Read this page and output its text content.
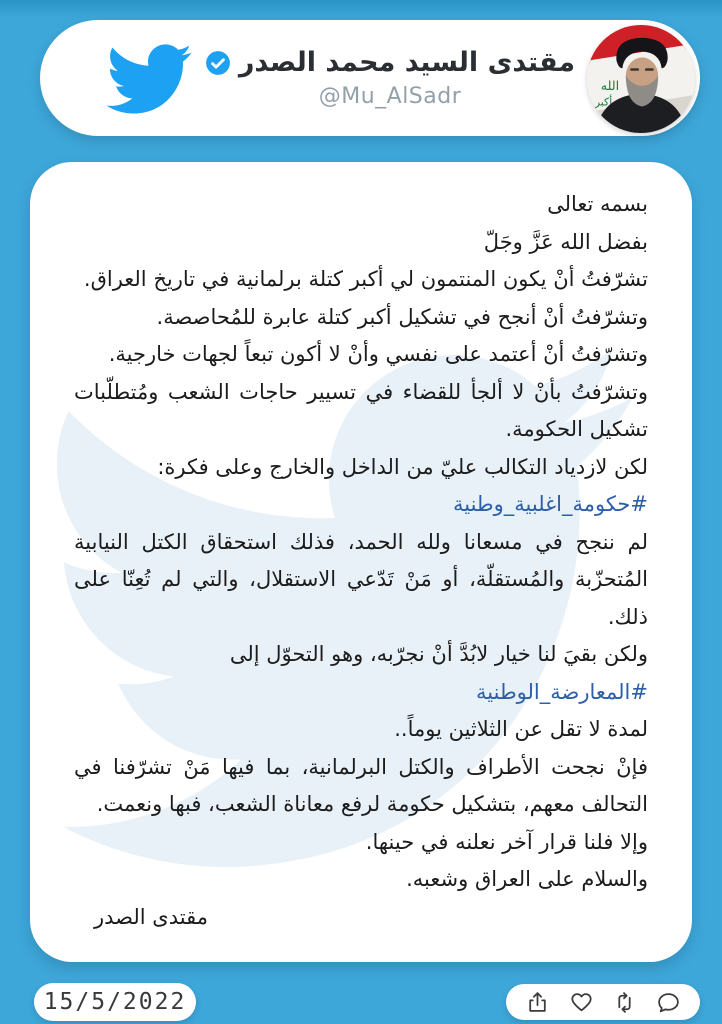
مقتدى السيد محمد الصدر
@Mu_AlSadr	الله
أكبر

بسمه تعالى

بفضل الله عَزَّ وجَلّ

تشرّفتُ أنْ يكون المنتمون لي أكبر كتلة برلمانية في تاريخ العراق.

وتشرّفتُ أنْ أنجح في تشكيل أكبر كتلة عابرة للمُحاصصة.

وتشرّفتُ أنْ أعتمد على نفسي وأنْ لا أكون تبعاً لجهات خارجية.

وتشرّفتُ بأنْ لا ألجأ للقضاء في تسيير حاجات الشعب ومُتطلّبات تشكيل الحكومة.

لكن لازدياد التكالب عليّ من الداخل والخارج وعلى فكرة:

#حكومة_اغلبية_وطنية

لم ننجح في مسعانا ولله الحمد، فذلك استحقاق الكتل النيابية المُتحزّبة والمُستقلّة، أو مَنْ تَدّعي الاستقلال، والتي لم تُعِنّا على ذلك.

ولكن بقيَ لنا خيار لابُدَّ أنْ نجرّبه، وهو التحوّل إلى

#المعارضة_الوطنية

لمدة لا تقل عن الثلاثين يوماً..

فإنْ نجحت الأطراف والكتل البرلمانية، بما فيها مَنْ تشرّفنا في التحالف معهم، بتشكيل حكومة لرفع معاناة الشعب، فبها ونعمت.

وإلا فلنا قرار آخر نعلنه في حينها.

والسلام على العراق وشعبه.

مقتدى الصدر

15/5/2022
